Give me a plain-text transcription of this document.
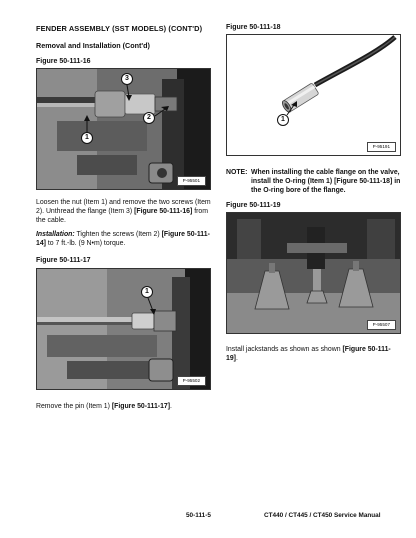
FENDER ASSEMBLY (SST MODELS) (CONT'D)
Removal and Installation (Cont'd)
Figure 50-111-16
3
2
1
P-95501
Loosen the nut (Item 1) and remove the two screws (Item 2). Unthread the flange (Item 3) [Figure 50-111-16] from the cable.
Installation: Tighten the screws (Item 2) [Figure 50-111-14] to 7 ft.-lb. (9 N•m) torque.
Figure 50-111-17
1
P-95502
Remove the pin (Item 1) [Figure 50-111-17].
Figure 50-111-18
1
P-95191
NOTE: When installing the cable flange on the valve, install the O-ring (Item 1) [Figure 50-111-18] in the O-ring bore of the flange.
Figure 50-111-19
P-95507
Install jackstands as shown as shown [Figure 50-111-19].
50-111-5	CT440 / CT445 / CT450 Service Manual
